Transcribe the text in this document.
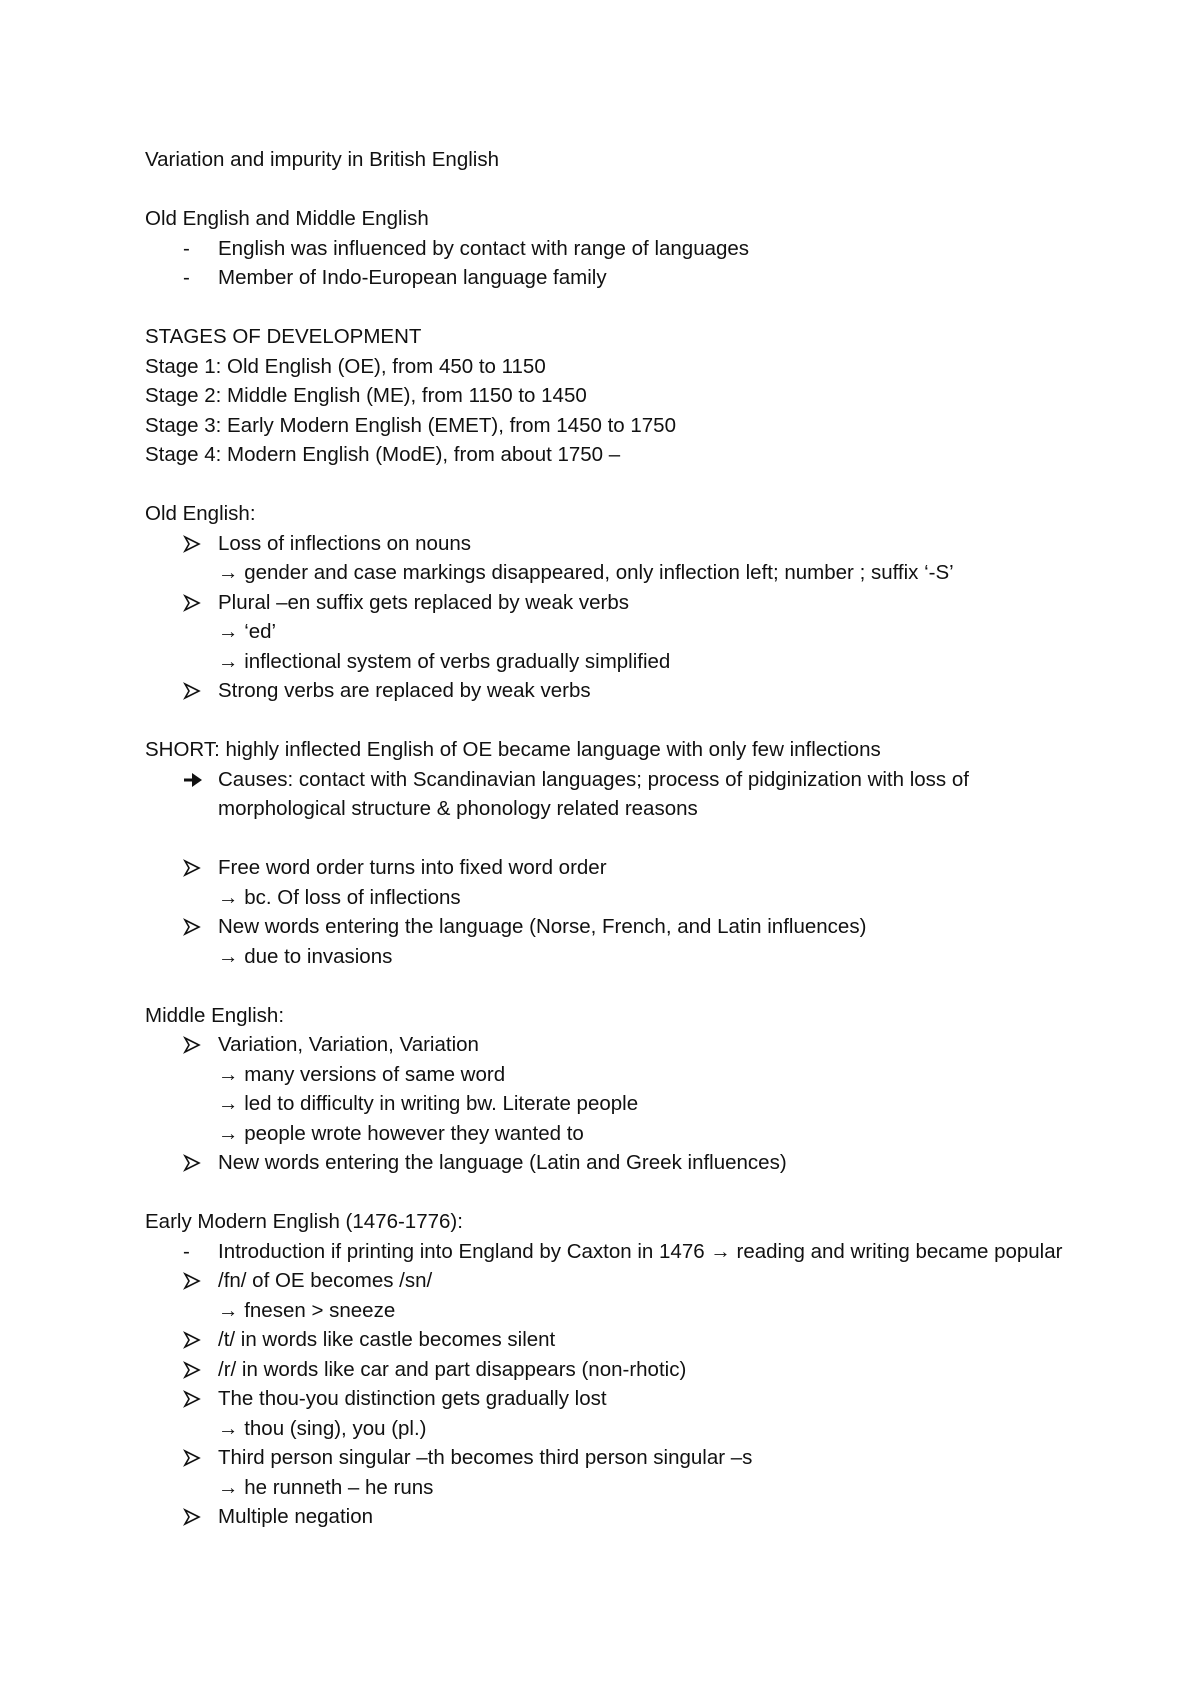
Variation and impurity in British English
Old English and Middle English
-	English was influenced by contact with range of languages
-	Member of Indo-European language family
STAGES OF DEVELOPMENT
Stage 1: Old English (OE), from 450 to 1150
Stage 2: Middle English (ME), from 1150 to 1450
Stage 3: Early Modern English (EMET), from 1450 to 1750
Stage 4: Modern English (ModE), from about 1750 –
Old English:
Loss of inflections on nouns
→ gender and case markings disappeared, only inflection left; number ; suffix ‘-S’
Plural –en suffix gets replaced by weak verbs
→ ‘ed’
→ inflectional system of verbs gradually simplified
Strong verbs are replaced by weak verbs
SHORT: highly inflected English of OE became language with only few inflections
Causes: contact with Scandinavian languages; process of pidginization with loss of morphological structure & phonology related reasons
Free word order turns into fixed word order
→ bc. Of loss of inflections
New words entering the language (Norse, French, and Latin influences)
→ due to invasions
Middle English:
Variation, Variation, Variation
→ many versions of same word
→ led to difficulty in writing bw. Literate people
→ people wrote however they wanted to
New words entering the language (Latin and Greek influences)
Early Modern English (1476-1776):
-	Introduction if printing into England by Caxton in 1476 → reading and writing became popular
/fn/ of OE becomes /sn/
→ fnesen > sneeze
/t/ in words like castle becomes silent
/r/ in words like car and part disappears (non-rhotic)
The thou-you distinction gets gradually lost
→ thou (sing), you (pl.)
Third person singular –th becomes third person singular –s
→ he runneth – he runs
Multiple negation
